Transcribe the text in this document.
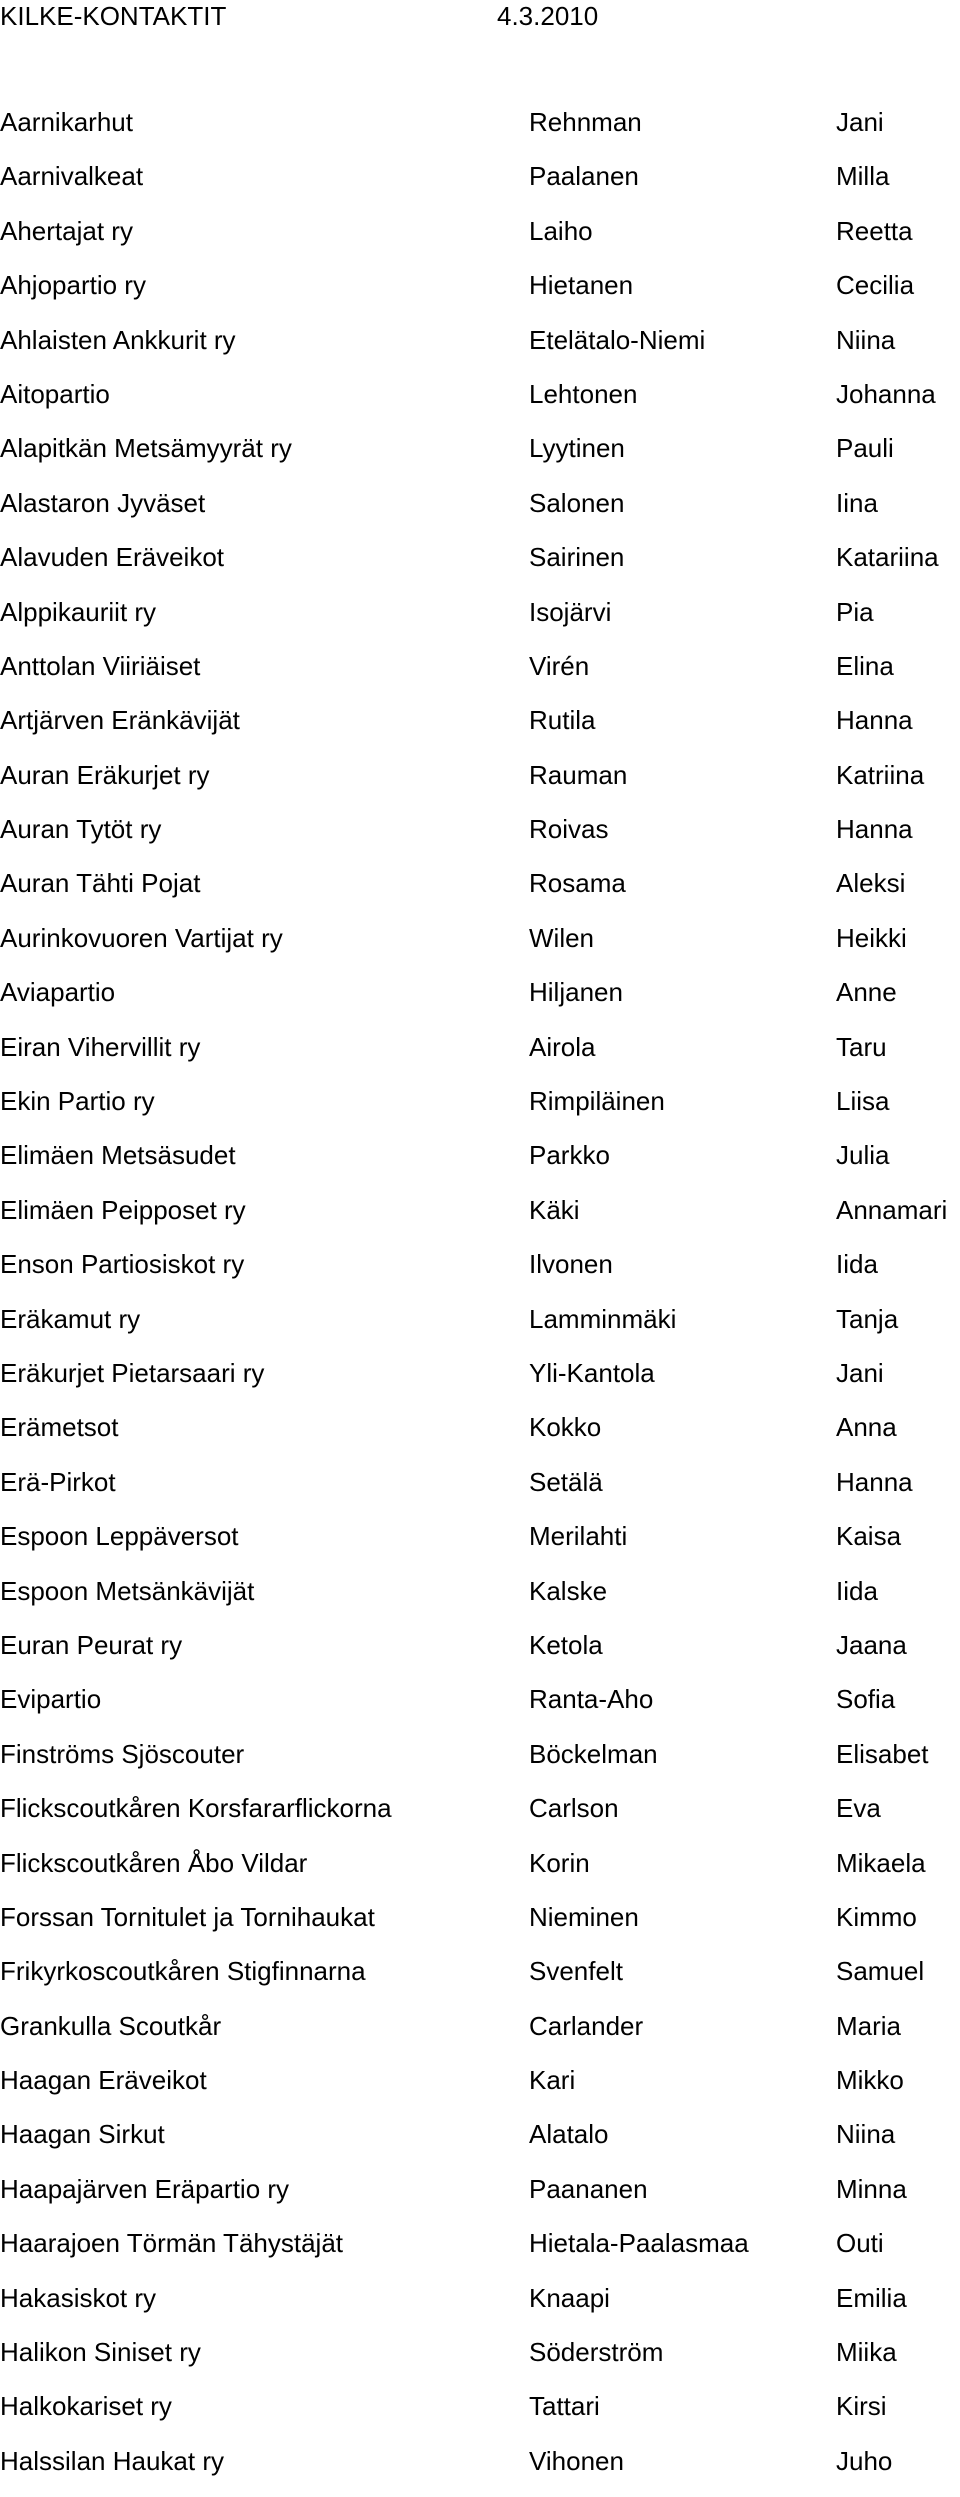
KILKE-KONTAKTIT	4.3.2010
Aarnikarhut	Rehnman	Jani
Aarnivalkeat	Paalanen	Milla
Ahertajat ry	Laiho	Reetta
Ahjopartio ry	Hietanen	Cecilia
Ahlaisten Ankkurit ry	Etelätalo-Niemi	Niina
Aitopartio	Lehtonen	Johanna
Alapitkän Metsämyyrät ry	Lyytinen	Pauli
Alastaron Jyväset	Salonen	Iina
Alavuden Eräveikot	Sairinen	Katariina
Alppikauriit ry	Isojärvi	Pia
Anttolan Viiriäiset	Virén	Elina
Artjärven Eränkävijät	Rutila	Hanna
Auran Eräkurjet ry	Rauman	Katriina
Auran Tytöt ry	Roivas	Hanna
Auran Tähti Pojat	Rosama	Aleksi
Aurinkovuoren Vartijat ry	Wilen	Heikki
Aviapartio	Hiljanen	Anne
Eiran Vihervillit ry	Airola	Taru
Ekin Partio ry	Rimpiläinen	Liisa
Elimäen Metsäsudet	Parkko	Julia
Elimäen Peipposet ry	Käki	Annamari
Enson Partiosiskot ry	Ilvonen	Iida
Eräkamut ry	Lamminmäki	Tanja
Eräkurjet Pietarsaari ry	Yli-Kantola	Jani
Erämetsot	Kokko	Anna
Erä-Pirkot	Setälä	Hanna
Espoon Leppäversot	Merilahti	Kaisa
Espoon Metsänkävijät	Kalske	Iida
Euran Peurat ry	Ketola	Jaana
Evipartio	Ranta-Aho	Sofia
Finströms Sjöscouter	Böckelman	Elisabet
Flickscoutkåren Korsfararflickorna	Carlson	Eva
Flickscoutkåren Åbo Vildar	Korin	Mikaela
Forssan Tornitulet ja Tornihaukat	Nieminen	Kimmo
Frikyrkoscoutkåren Stigfinnarna	Svenfelt	Samuel
Grankulla Scoutkår	Carlander	Maria
Haagan Eräveikot	Kari	Mikko
Haagan Sirkut	Alatalo	Niina
Haapajärven Eräpartio ry	Paananen	Minna
Haarajoen Törmän Tähystäjät	Hietala-Paalasmaa	Outi
Hakasiskot ry	Knaapi	Emilia
Halikon Siniset ry	Söderström	Miika
Halkokariset ry	Tattari	Kirsi
Halssilan Haukat ry	Vihonen	Juho
